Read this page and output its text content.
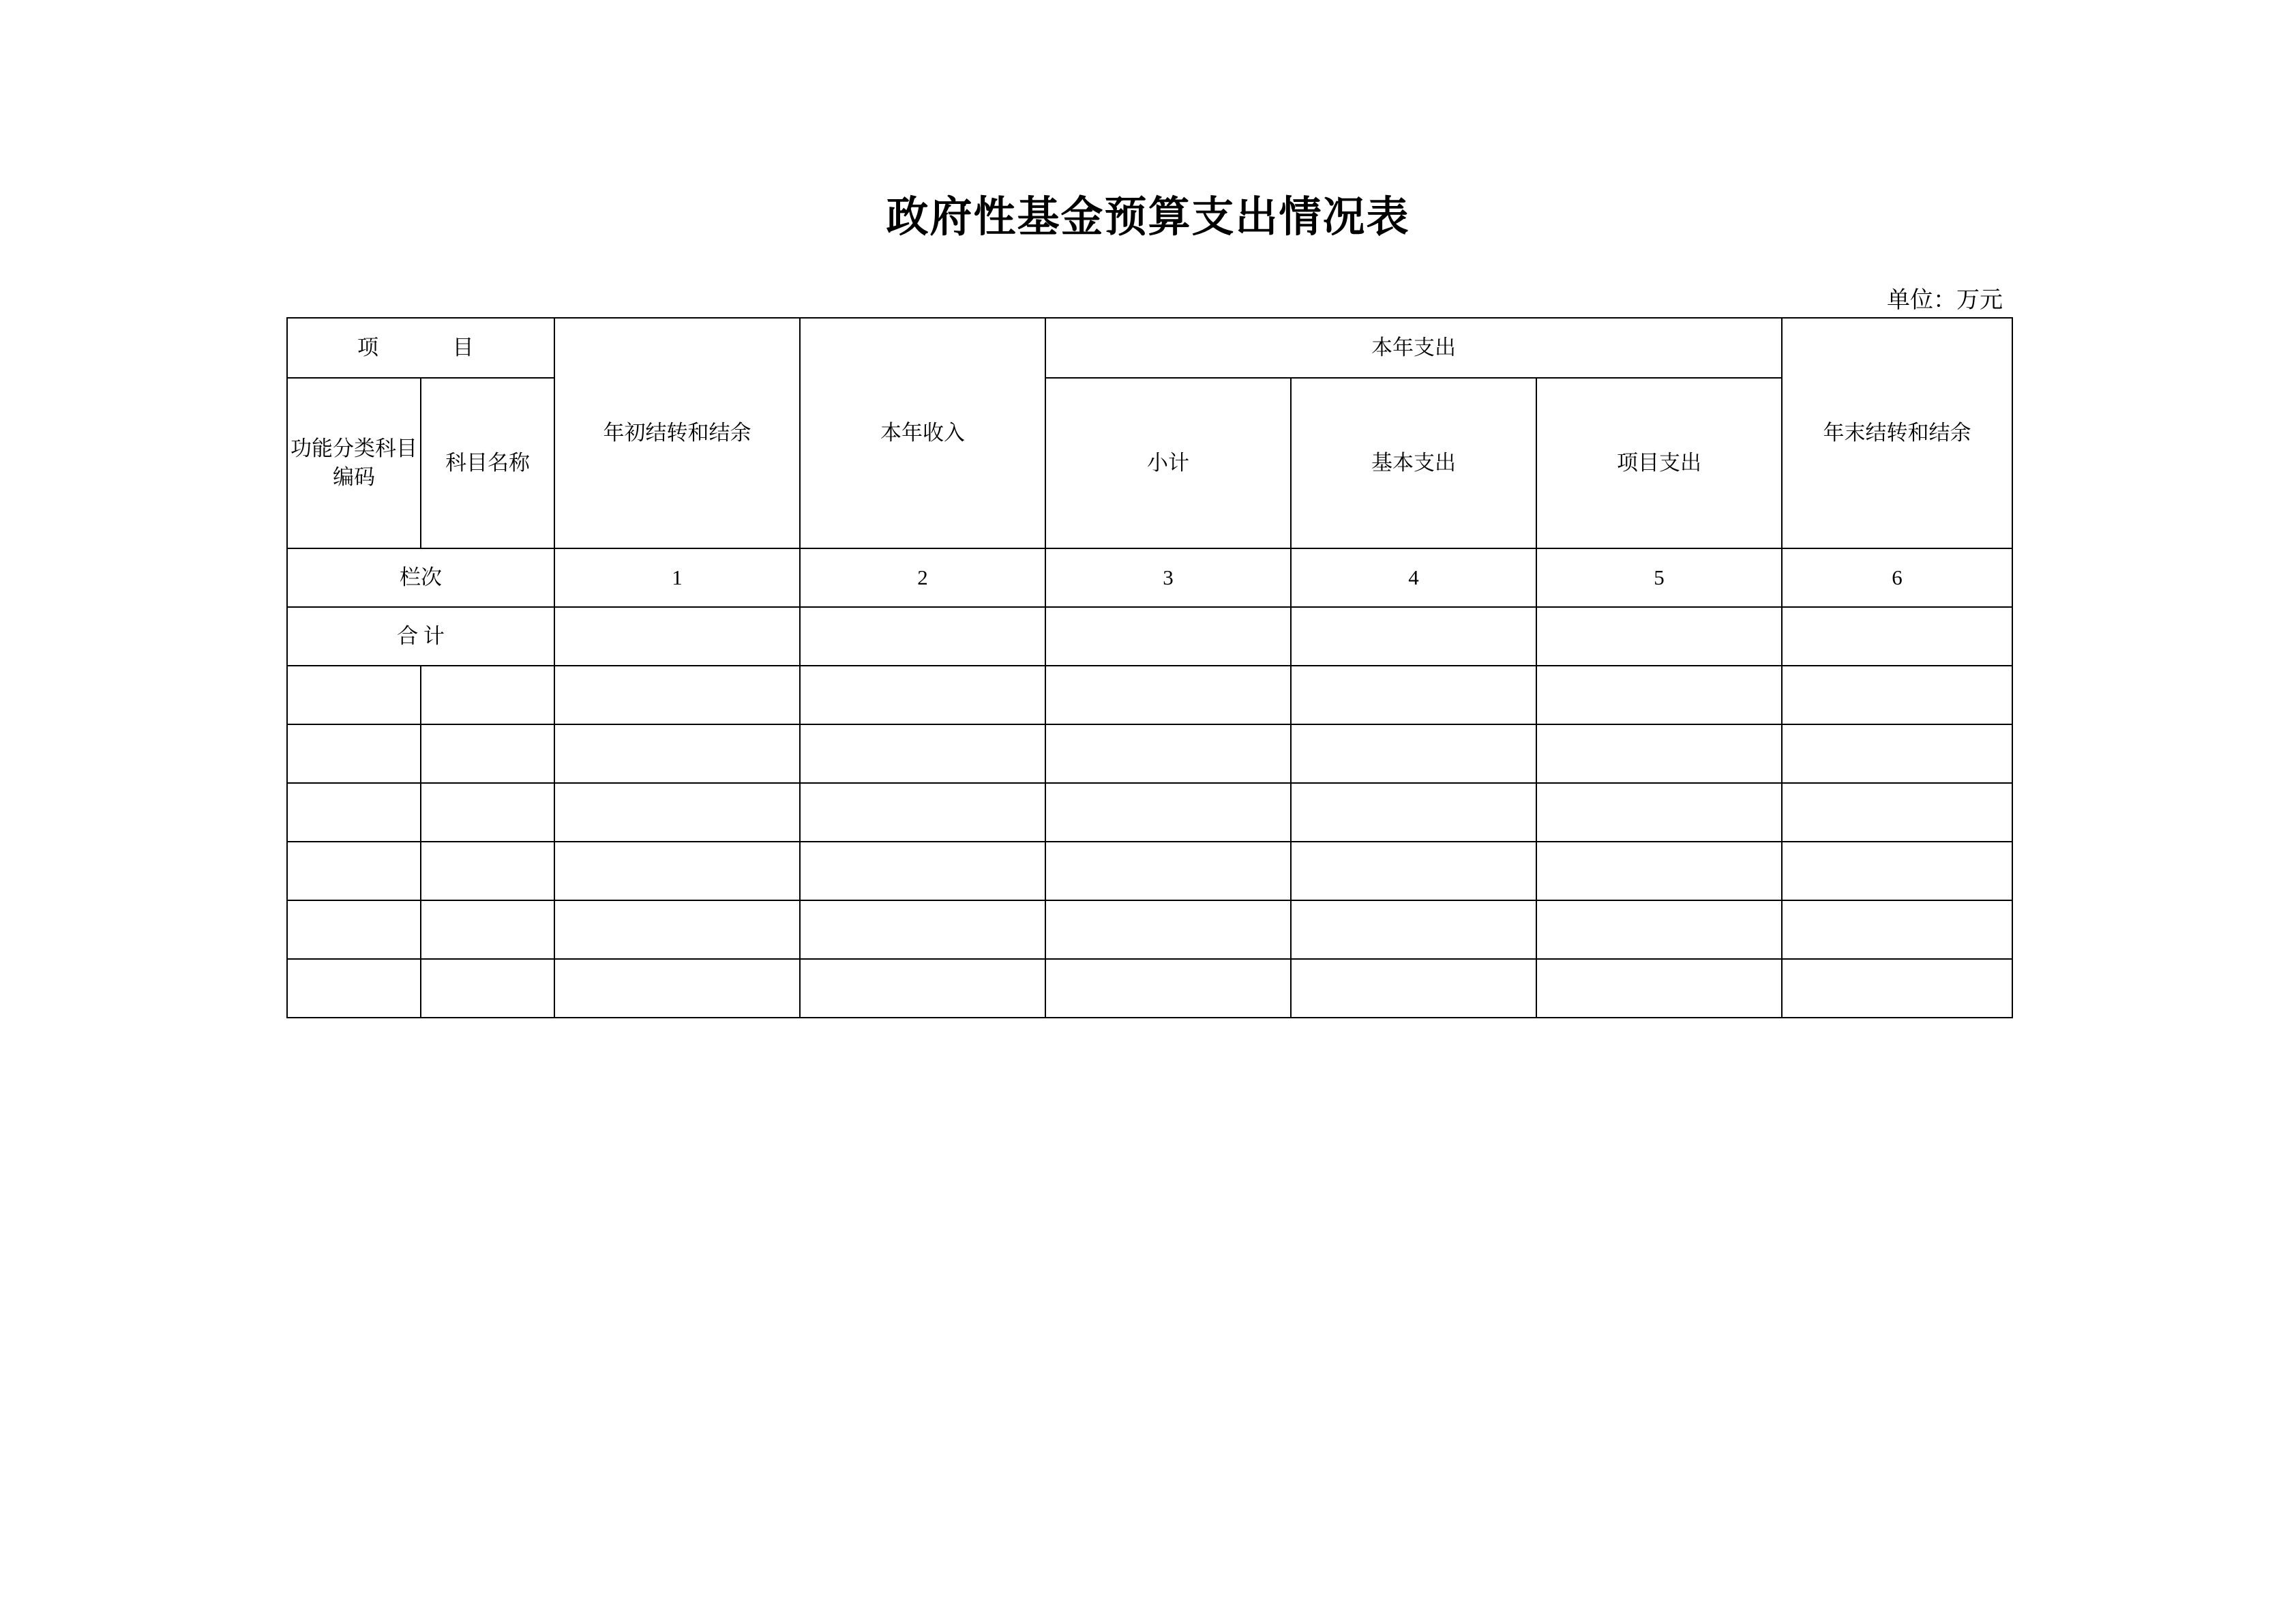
政府性基金预算支出情况表
单位：万元
项　　目		年初结转和结余	本年收入	本年支出			年末结转和结余
功能分类科目编码	科目名称			小计	基本支出	项目支出	
栏次		1	2	3	4	5	6
合 计							
